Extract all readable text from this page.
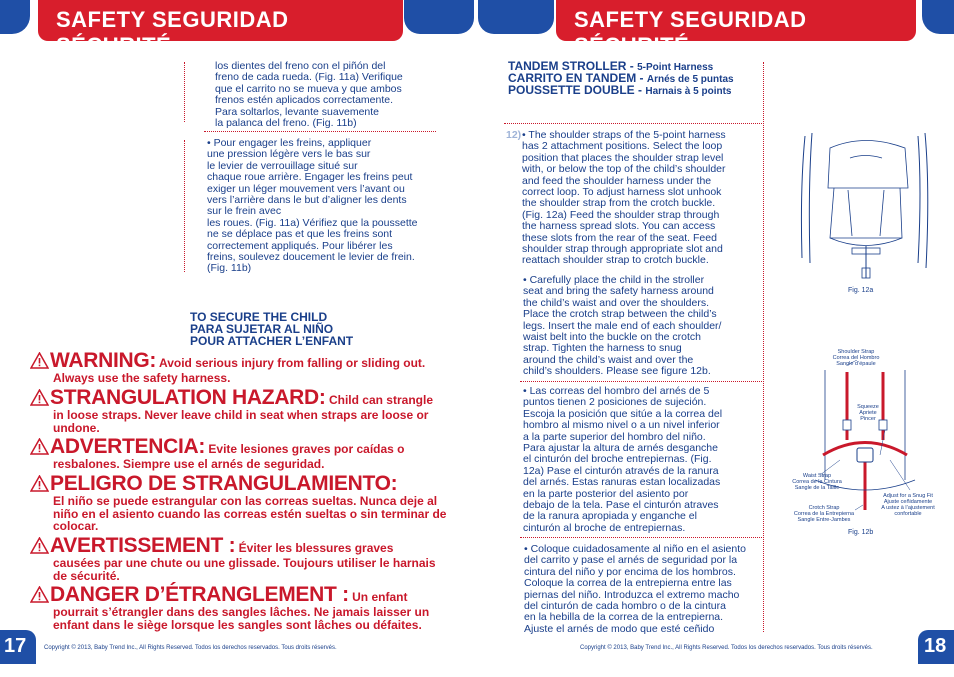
SAFETY SEGURIDAD SÉCURITÉ
SAFETY SEGURIDAD SÉCURITÉ
los dientes del freno con el piñón del
freno de cada rueda. (Fig. 11a) Verifique
que el carrito no se mueva y que ambos
frenos estén aplicados correctamente.
Para soltarlos, levante suavemente
la palanca del freno. (Fig. 11b)
• Pour engager les freins, appliquer
une pression légère vers le bas sur
le levier de verrouillage situé sur
chaque roue arrière. Engager les freins peut
exiger un léger mouvement vers l’avant ou
vers l’arrière dans le but d’aligner les dents
sur le frein avec
les roues. (Fig. 11a) Vérifiez que la poussette
ne se déplace pas et que les freins sont
correctement appliqués. Pour libérer les
freins, soulevez doucement le levier de frein.
(Fig. 11b)
TO SECURE THE CHILD
PARA SUJETAR AL NIÑO
POUR ATTACHER L’ENFANT
WARNING: Avoid serious injury from falling or sliding out.
Always use the safety harness.
STRANGULATION HAZARD: Child can strangle
in loose straps. Never leave child in seat when straps are loose or undone.
ADVERTENCIA: Evite lesiones graves por caídas o
resbalones. Siempre use el arnés de seguridad.
PELIGRO DE STRANGULAMIENTO:
El niño se puede estrangular con las correas sueltas. Nunca deje al niño en el asiento cuando las correas estén sueltas o sin terminar de colocar.
AVERTISSEMENT : Éviter les blessures graves
causées par une chute ou une glissade. Toujours utiliser le harnais de sécurité.
DANGER D’ÉTRANGLEMENT : Un enfant
pourrait s’étrangler dans des sangles lâches. Ne jamais laisser un enfant dans le siège lorsque les sangles sont lâches ou défaites.
17	Copyright © 2013, Baby Trend Inc., All Rights Reserved. Todos los derechos reservados. Tous droits réservés.
TANDEM STROLLER - 5-Point Harness
CARRITO EN TANDEM - Arnés de 5 puntas
POUSSETTE DOUBLE - Harnais à 5 points
12) • The shoulder straps of the 5-point harness
has 2 attachment positions. Select the loop
position that places the shoulder strap level
with, or below the top of the child’s shoulder
and feed the shoulder harness under the
correct loop. To adjust harness slot unhook
the shoulder strap from the crotch buckle.
(Fig. 12a) Feed the shoulder strap through
the harness spread slots. You can access
these slots from the rear of the seat. Feed
shoulder strap through appropriate slot and
reattach shoulder strap to crotch buckle.
• Carefully place the child in the stroller
seat and bring the safety harness around
the child’s waist and over the shoulders.
Place the crotch strap between the child’s
legs. Insert the male end of each shoulder/
waist belt into the buckle on the crotch
strap. Tighten the harness to snug
around the child’s waist and over the
child’s shoulders. Please see figure 12b.
• Las correas del hombro del arnés de 5
puntos tienen 2 posiciones de sujeción.
Escoja la posición que sitúe a la correa del
hombro al mismo nivel o a un nivel inferior
a la parte superior del hombro del niño.
Para ajustar la altura de arnés desganche
el cinturón del broche entrepiernas. (Fig.
12a) Pase el cinturón através de la ranura
del arnés. Estas ranuras estan localizadas
en la parte posterior del asiento por
debajo de la tela. Pase el cinturón atraves
de la ranura apropiada y enganche el
cinturón al broche de entrepiernas.
• Coloque cuidadosamente al niño en el asiento
del carrito y pase el arnés de seguridad por la
cintura del niño y por encima de los hombros.
Coloque la correa de la entrepierna entre las
piernas del niño. Introduzca el extremo macho
del cinturón de cada hombro o de la cintura
en la hebilla de la correa de la entrepierna.
Ajuste el arnés de modo que esté ceñido
Fig. 12a
Shoulder Strap
Correa del Hombro
Sangle d’épaule
Squeeze
Apriete
Pincer
Waist Strap
Correa de la Cintura
Sangle de la Taille
Crotch Strap
Correa de la Entrepierna
Sangle Entre-Jambes
Adjust for a Snug Fit
Ajuste ceñidamente
A ustez à l’ajustement
confortable
Fig. 12b
18
Copyright © 2013, Baby Trend Inc., All Rights Reserved. Todos los derechos reservados. Tous droits réservés.
